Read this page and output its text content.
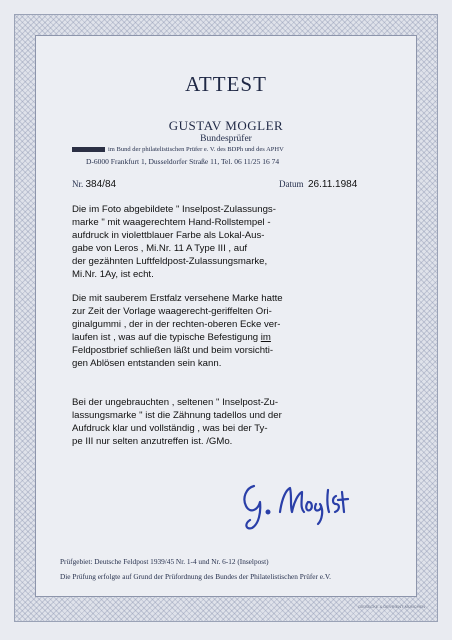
ATTEST
GUSTAV MOGLER
Bundesprüfer
im Bund der philatelistischen Prüfer e. V. des BDPh und des APHV
D-6000 Frankfurt 1, Dusseldorfer Straße 11, Tel. 06 11/25 16 74
Nr. 384/84	Datum 26.11.1984
Die im Foto abgebildete " Inselpost-Zulassungs-
marke " mit waagerechtem Hand-Rollstempel -
aufdruck in violettblauer Farbe als Lokal-Aus-
gabe von Leros , Mi.Nr. 11 A Type III , auf
der gezähnten Luftfeldpost-Zulassungsmarke,
Mi.Nr. 1Ay, ist echt.
Die mit sauberem Erstfalz versehene Marke hatte
zur Zeit der Vorlage waagerecht-geriffelten Ori-
ginalgummi , der in der rechten-oberen Ecke ver-
laufen ist , was auf die typische Befestigung im
Feldpostbrief schließen läßt und beim vorsichti-
gen Ablösen entstanden sein kann.
Bei der ungebrauchten , seltenen " Inselpost-Zu-
lassungsmarke " ist die Zähnung tadellos und der
Aufdruck klar und vollständig , was bei der Ty-
pe III nur selten anzutreffen ist. /GMo.
Prüfgebiet: Deutsche Feldpost 1939/45 Nr. 1-4 und Nr. 6-12 (Inselpost)
Die Prüfung erfolgte auf Grund der Prüfordnung des Bundes der Philatelistischen Prüfer e.V.
GIESECKE & DEVRIENT MÜNCHEN
